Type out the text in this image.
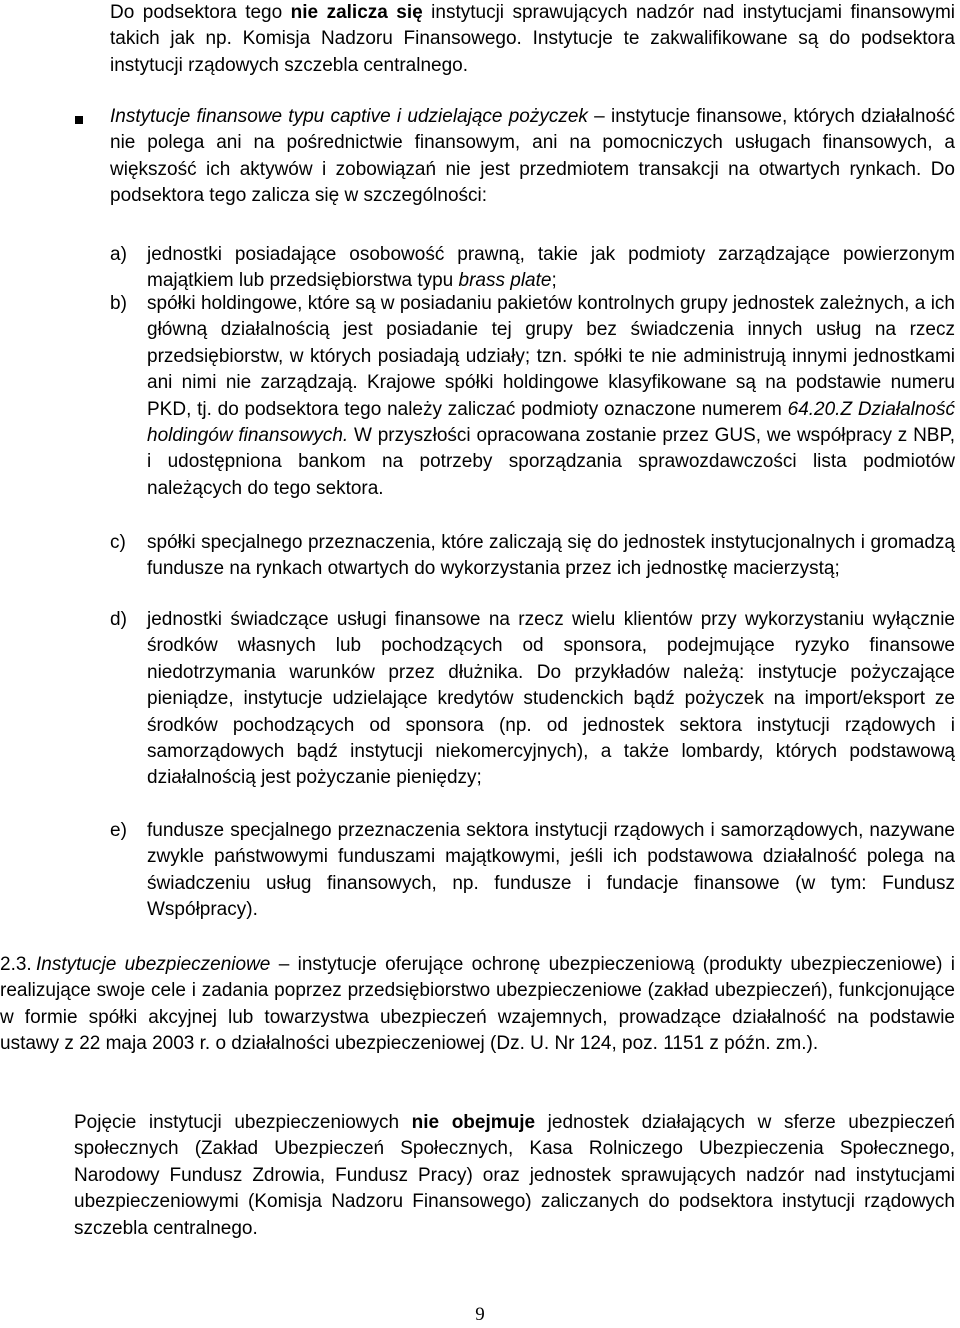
Do podsektora tego nie zalicza się instytucji sprawujących nadzór nad instytucjami finansowymi takich jak np. Komisja Nadzoru Finansowego. Instytucje te zakwalifikowane są do podsektora instytucji rządowych szczebla centralnego.
Instytucje finansowe typu captive i udzielające pożyczek – instytucje finansowe, których działalność nie polega ani na pośrednictwie finansowym, ani na pomocniczych usługach finansowych, a większość ich aktywów i zobowiązań nie jest przedmiotem transakcji na otwartych rynkach. Do podsektora tego zalicza się w szczególności:
a) jednostki posiadające osobowość prawną, takie jak podmioty zarządzające powierzonym majątkiem lub przedsiębiorstwa typu brass plate;
b) spółki holdingowe, które są w posiadaniu pakietów kontrolnych grupy jednostek zależnych, a ich główną działalnością jest posiadanie tej grupy bez świadczenia innych usług na rzecz przedsiębiorstw, w których posiadają udziały; tzn. spółki te nie administrują innymi jednostkami ani nimi nie zarządzają. Krajowe spółki holdingowe klasyfikowane są na podstawie numeru PKD, tj. do podsektora tego należy zaliczać podmioty oznaczone numerem 64.20.Z Działalność holdingów finansowych. W przyszłości opracowana zostanie przez GUS, we współpracy z NBP, i udostępniona bankom na potrzeby sporządzania sprawozdawczości lista podmiotów należących do tego sektora.
c) spółki specjalnego przeznaczenia, które zaliczają się do jednostek instytucjonalnych i gromadzą fundusze na rynkach otwartych do wykorzystania przez ich jednostkę macierzystą;
d) jednostki świadczące usługi finansowe na rzecz wielu klientów przy wykorzystaniu wyłącznie środków własnych lub pochodzących od sponsora, podejmujące ryzyko finansowe niedotrzymania warunków przez dłużnika. Do przykładów należą: instytucje pożyczające pieniądze, instytucje udzielające kredytów studenckich bądź pożyczek na import/eksport ze środków pochodzących od sponsora (np. od jednostek sektora instytucji rządowych i samorządowych bądź instytucji niekomercyjnych), a także lombardy, których podstawową działalnością jest pożyczanie pieniędzy;
e) fundusze specjalnego przeznaczenia sektora instytucji rządowych i samorządowych, nazywane zwykle państwowymi funduszami majątkowymi, jeśli ich podstawowa działalność polega na świadczeniu usług finansowych, np. fundusze i fundacje finansowe (w tym: Fundusz Współpracy).
2.3. Instytucje ubezpieczeniowe – instytucje oferujące ochronę ubezpieczeniową (produkty ubezpieczeniowe) i realizujące swoje cele i zadania poprzez przedsiębiorstwo ubezpieczeniowe (zakład ubezpieczeń), funkcjonujące w formie spółki akcyjnej lub towarzystwa ubezpieczeń wzajemnych, prowadzące działalność na podstawie ustawy z 22 maja 2003 r. o działalności ubezpieczeniowej (Dz. U. Nr 124, poz. 1151 z późn. zm.).
Pojęcie instytucji ubezpieczeniowych nie obejmuje jednostek działających w sferze ubezpieczeń społecznych (Zakład Ubezpieczeń Społecznych, Kasa Rolniczego Ubezpieczenia Społecznego, Narodowy Fundusz Zdrowia, Fundusz Pracy) oraz jednostek sprawujących nadzór nad instytucjami ubezpieczeniowymi (Komisja Nadzoru Finansowego) zaliczanych do podsektora instytucji rządowych szczebla centralnego.
9
